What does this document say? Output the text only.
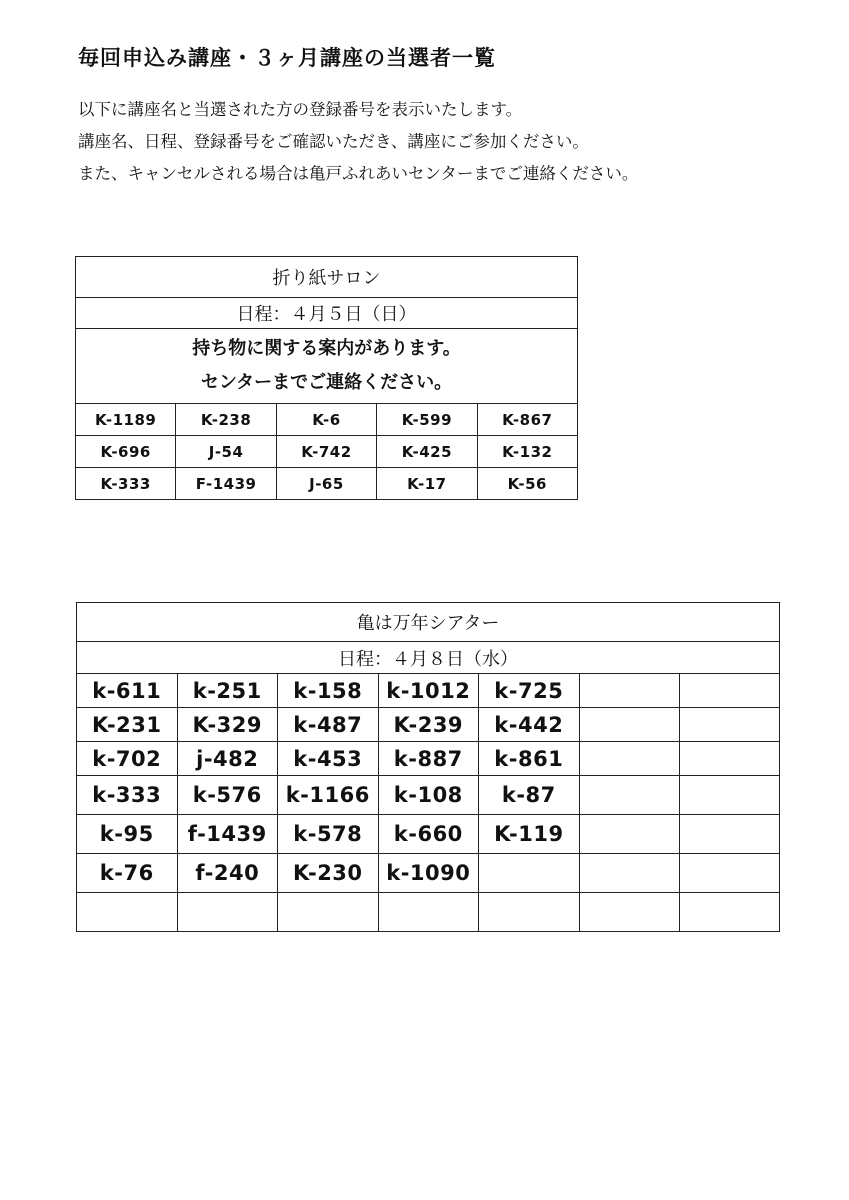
毎回申込み講座・３ヶ月講座の当選者一覧
以下に講座名と当選された方の登録番号を表示いたします。
講座名、日程、登録番号をご確認いただき、講座にご参加ください。
また、キャンセルされる場合は亀戸ふれあいセンターまでご連絡ください。
折り紙サロン				
日程：４月５日（日）				

持ち物に関する案内があります。
センターまでご連絡ください。				

K-1189	K-238	K-6	K-599	K-867
K-696	J-54	K-742	K-425	K-132
K-333	F-1439	J-65	K-17	K-56
亀は万年シアター						
日程：４月８日（水）						
k-611	k-251	k-158	k-1012	k-725		
K-231	K-329	k-487	K-239	k-442		
k-702	j-482	k-453	k-887	k-861		
k-333	k-576	k-1166	k-108	k-87		
k-95	f-1439	k-578	k-660	K-119		
k-76	f-240	K-230	k-1090			
